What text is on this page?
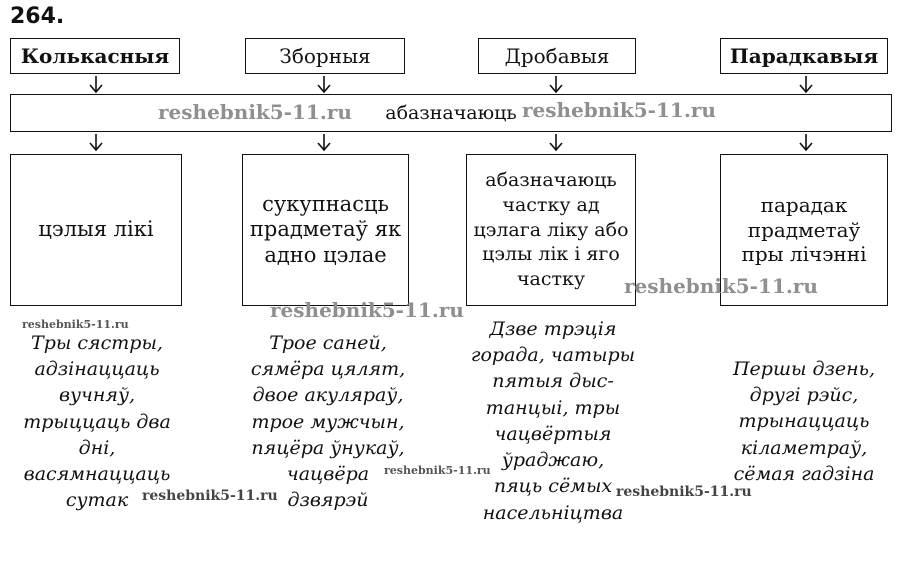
264.
Колькасныя	Зборныя	Дробавыя	Парадкавыя
абазначаюць
цэлыя лікі
сукупнасць прадметаў як адно цэлае
абазначаюць частку ад цэлага ліку або цэлы лік і яго частку
парадак прадметаў пры лічэнні
Тры сястры,
адзінаццаць
вучняў,
трыццаць два
дні,
васямнаццаць
сутак
Трое саней,
сямёра цялят,
двое акуляраў,
трое мужчын,
пяцёра ўнукаў,
чацвёра
дзвярэй
Дзве трэція
горада, чатыры
пятыя дыс-
танцыі, тры
чацвёртыя
ўраджаю,
пяць сёмых
насельніцтва
Першы дзень,
другі рэйс,
трынаццаць
кіламетраў,
сёмая гадзіна
reshebnik5-11.ru	reshebnik5-11.ru
reshebnik5-11.ru
reshebnik5-11.ru
reshebnik5-11.ru
reshebnik5-11.ru
reshebnik5-11.ru	reshebnik5-11.ru
